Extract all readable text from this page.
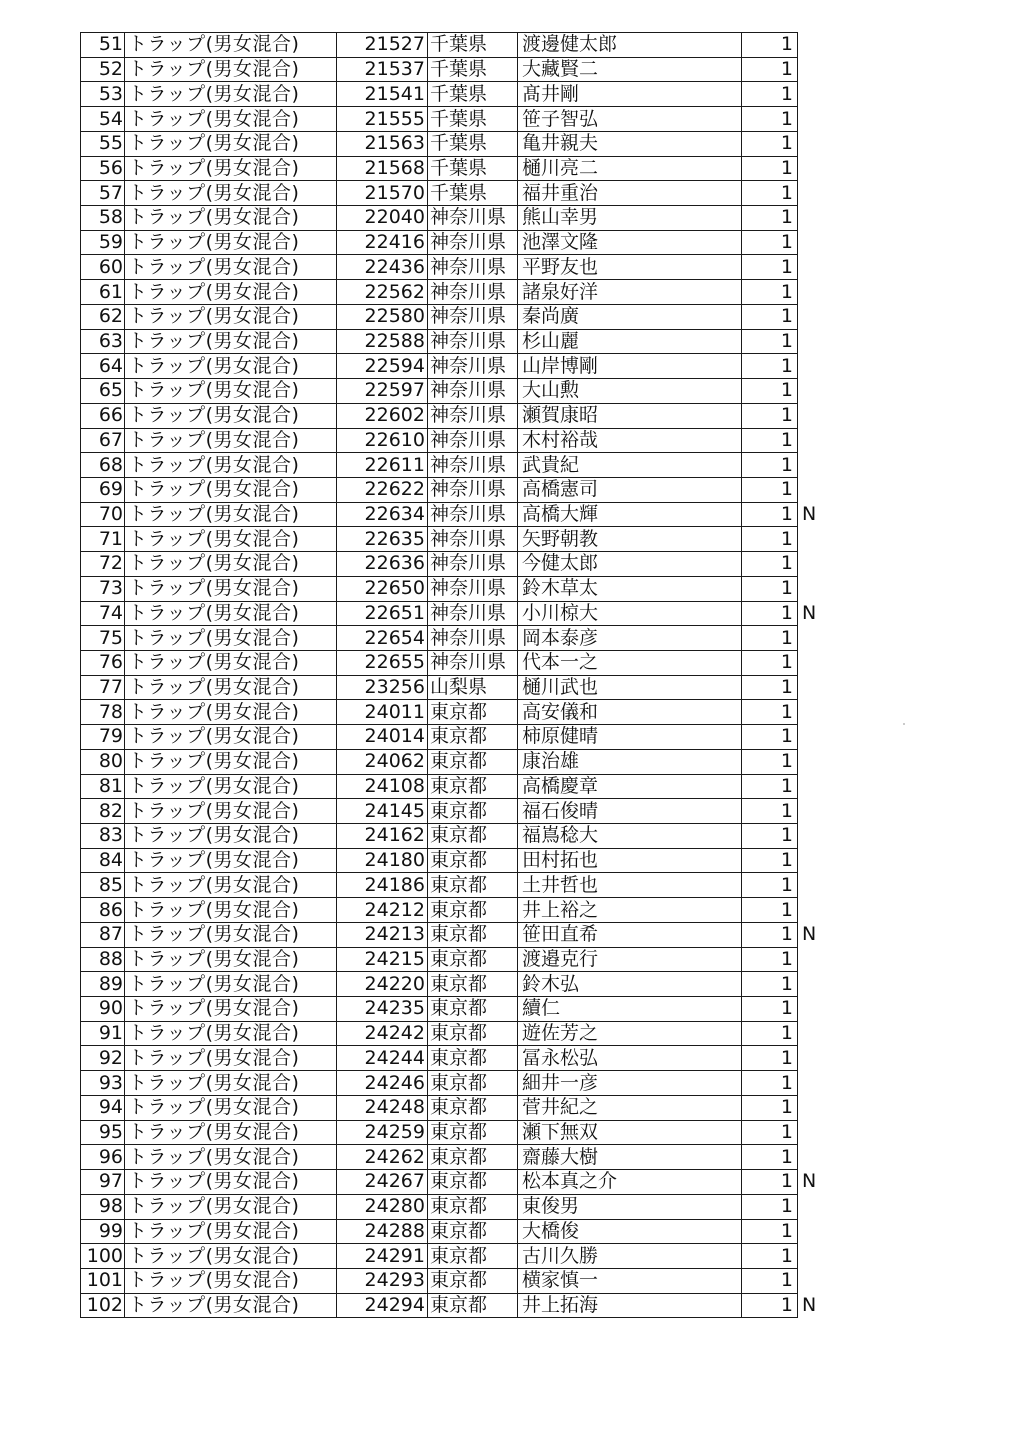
51	トラップ(男女混合)	21527	千葉県	渡邊健太郎	1	
52	トラップ(男女混合)	21537	千葉県	大藏賢二	1	
53	トラップ(男女混合)	21541	千葉県	髙井剛	1	
54	トラップ(男女混合)	21555	千葉県	笹子智弘	1	
55	トラップ(男女混合)	21563	千葉県	亀井親夫	1	
56	トラップ(男女混合)	21568	千葉県	樋川亮二	1	
57	トラップ(男女混合)	21570	千葉県	福井重治	1	
58	トラップ(男女混合)	22040	神奈川県	熊山幸男	1	
59	トラップ(男女混合)	22416	神奈川県	池澤文隆	1	
60	トラップ(男女混合)	22436	神奈川県	平野友也	1	
61	トラップ(男女混合)	22562	神奈川県	諸泉好洋	1	
62	トラップ(男女混合)	22580	神奈川県	秦尚廣	1	
63	トラップ(男女混合)	22588	神奈川県	杉山麗	1	
64	トラップ(男女混合)	22594	神奈川県	山岸博剛	1	
65	トラップ(男女混合)	22597	神奈川県	大山勲	1	
66	トラップ(男女混合)	22602	神奈川県	瀬賀康昭	1	
67	トラップ(男女混合)	22610	神奈川県	木村裕哉	1	
68	トラップ(男女混合)	22611	神奈川県	武貴紀	1	
69	トラップ(男女混合)	22622	神奈川県	高橋憲司	1	
70	トラップ(男女混合)	22634	神奈川県	高橋大輝	1	N
71	トラップ(男女混合)	22635	神奈川県	矢野朝教	1	
72	トラップ(男女混合)	22636	神奈川県	今健太郎	1	
73	トラップ(男女混合)	22650	神奈川県	鈴木草太	1	
74	トラップ(男女混合)	22651	神奈川県	小川椋大	1	N
75	トラップ(男女混合)	22654	神奈川県	岡本泰彦	1	
76	トラップ(男女混合)	22655	神奈川県	代本一之	1	
77	トラップ(男女混合)	23256	山梨県	樋川武也	1	
78	トラップ(男女混合)	24011	東京都	高安儀和	1	
79	トラップ(男女混合)	24014	東京都	柿原健晴	1	
80	トラップ(男女混合)	24062	東京都	康治雄	1	
81	トラップ(男女混合)	24108	東京都	高橋慶章	1	
82	トラップ(男女混合)	24145	東京都	福石俊晴	1	
83	トラップ(男女混合)	24162	東京都	福嶌稔大	1	
84	トラップ(男女混合)	24180	東京都	田村拓也	1	
85	トラップ(男女混合)	24186	東京都	土井哲也	1	
86	トラップ(男女混合)	24212	東京都	井上裕之	1	
87	トラップ(男女混合)	24213	東京都	笹田直希	1	N
88	トラップ(男女混合)	24215	東京都	渡邉克行	1	
89	トラップ(男女混合)	24220	東京都	鈴木弘	1	
90	トラップ(男女混合)	24235	東京都	續仁	1	
91	トラップ(男女混合)	24242	東京都	遊佐芳之	1	
92	トラップ(男女混合)	24244	東京都	冨永松弘	1	
93	トラップ(男女混合)	24246	東京都	細井一彦	1	
94	トラップ(男女混合)	24248	東京都	菅井紀之	1	
95	トラップ(男女混合)	24259	東京都	瀬下無双	1	
96	トラップ(男女混合)	24262	東京都	齋藤大樹	1	
97	トラップ(男女混合)	24267	東京都	松本真之介	1	N
98	トラップ(男女混合)	24280	東京都	東俊男	1	
99	トラップ(男女混合)	24288	東京都	大橋俊	1	
100	トラップ(男女混合)	24291	東京都	古川久勝	1	
101	トラップ(男女混合)	24293	東京都	横家慎一	1	
102	トラップ(男女混合)	24294	東京都	井上拓海	1	N
